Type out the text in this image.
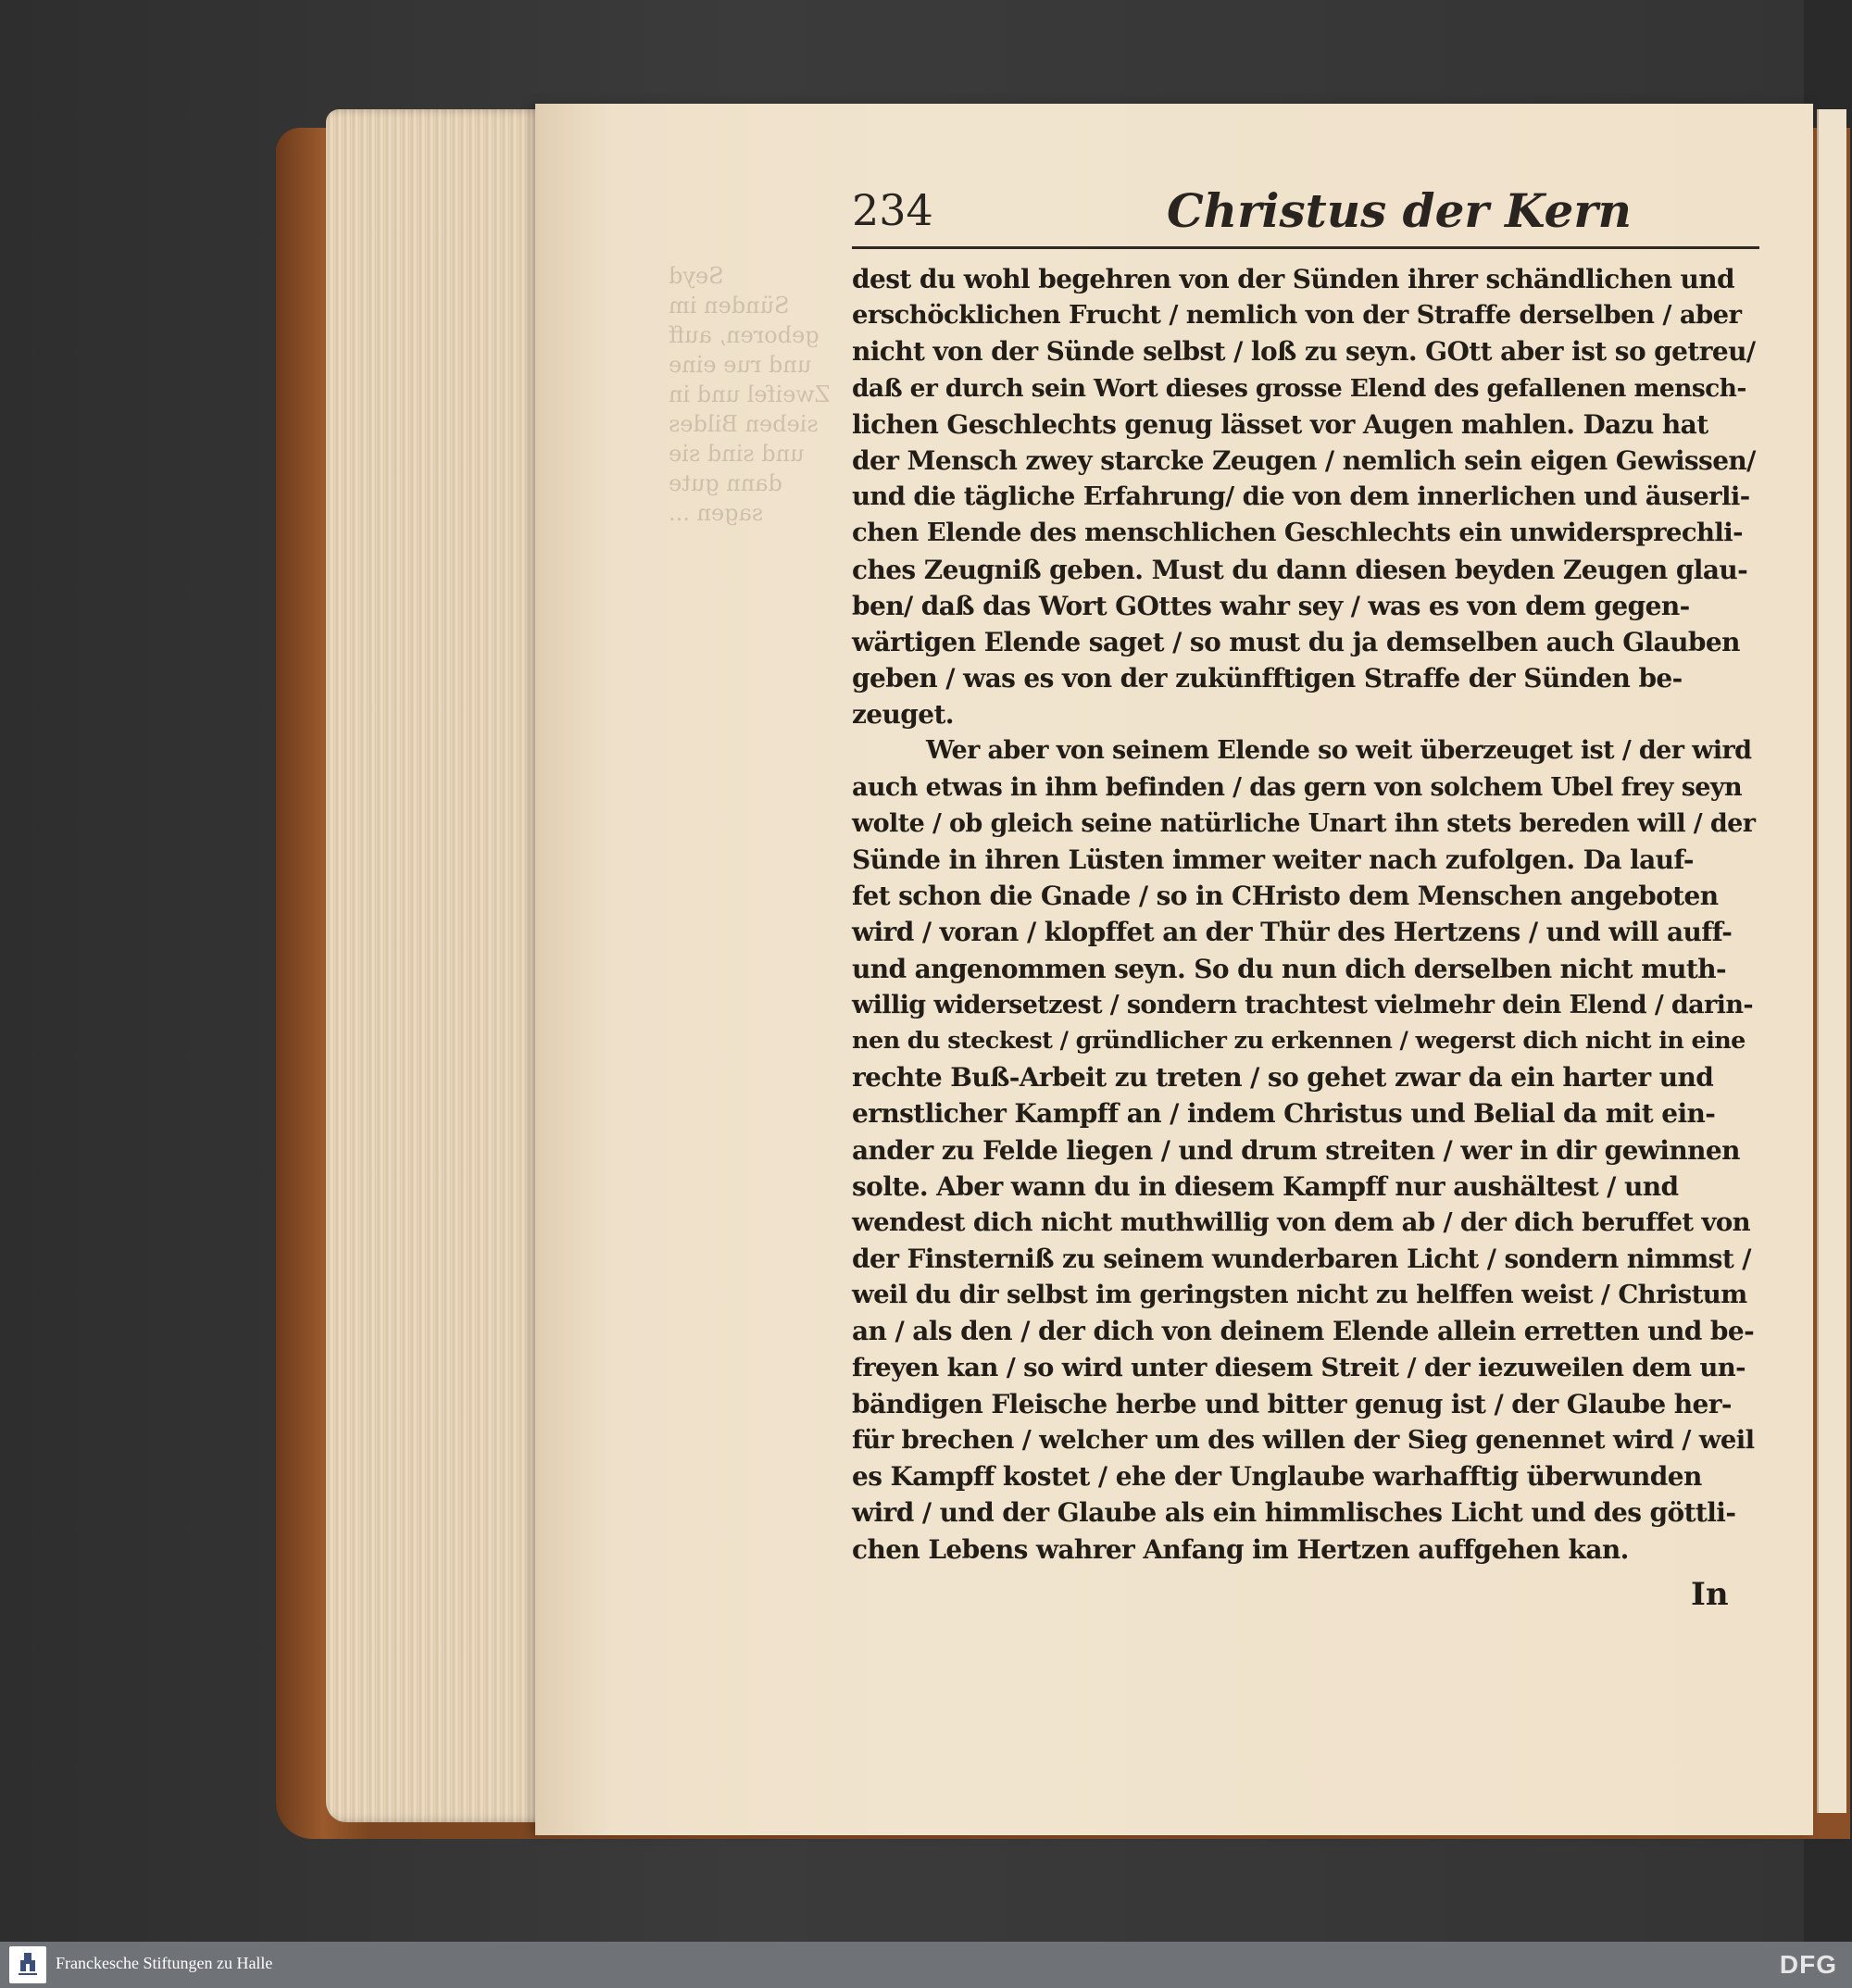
Seyd
Sünden im
geboren, auff
und rue eine
Zweifel und in
sieben Bildes
und sind sie
dann gute
sagen ...
234	Christus der Kern
dest du wohl begehren von der Sünden ihrer schändlichen und
erschöcklichen Frucht / nemlich von der Straffe derselben / aber
nicht von der Sünde selbst / loß zu seyn. GOtt aber ist so getreu/
daß er durch sein Wort dieses grosse Elend des gefallenen mensch-
lichen Geschlechts genug lässet vor Augen mahlen. Dazu hat
der Mensch zwey starcke Zeugen / nemlich sein eigen Gewissen/
und die tägliche Erfahrung/ die von dem innerlichen und äuserli-
chen Elende des menschlichen Geschlechts ein unwidersprechli-
ches Zeugniß geben. Must du dann diesen beyden Zeugen glau-
ben/ daß das Wort GOttes wahr sey / was es von dem gegen-
wärtigen Elende saget / so must du ja demselben auch Glauben
geben / was es von der zukünfftigen Straffe der Sünden be-
zeuget.
Wer aber von seinem Elende so weit überzeuget ist / der wird
auch etwas in ihm befinden / das gern von solchem Ubel frey seyn
wolte / ob gleich seine natürliche Unart ihn stets bereden will / der
Sünde in ihren Lüsten immer weiter nach zufolgen. Da lauf-
fet schon die Gnade / so in CHristo dem Menschen angeboten
wird / voran / klopffet an der Thür des Hertzens / und will auff-
und angenommen seyn. So du nun dich derselben nicht muth-
willig widersetzest / sondern trachtest vielmehr dein Elend / darin-
nen du steckest / gründlicher zu erkennen / wegerst dich nicht in eine
rechte Buß-Arbeit zu treten / so gehet zwar da ein harter und
ernstlicher Kampff an / indem Christus und Belial da mit ein-
ander zu Felde liegen / und drum streiten / wer in dir gewinnen
solte. Aber wann du in diesem Kampff nur aushältest / und
wendest dich nicht muthwillig von dem ab / der dich beruffet von
der Finsterniß zu seinem wunderbaren Licht / sondern nimmst /
weil du dir selbst im geringsten nicht zu helffen weist / Christum
an / als den / der dich von deinem Elende allein erretten und be-
freyen kan / so wird unter diesem Streit / der iezuweilen dem un-
bändigen Fleische herbe und bitter genug ist / der Glaube her-
für brechen / welcher um des willen der Sieg genennet wird / weil
es Kampff kostet / ehe der Unglaube warhafftig überwunden
wird / und der Glaube als ein himmlisches Licht und des göttli-
chen Lebens wahrer Anfang im Hertzen auffgehen kan.
In
Franckesche Stiftungen zu Halle	DFG
